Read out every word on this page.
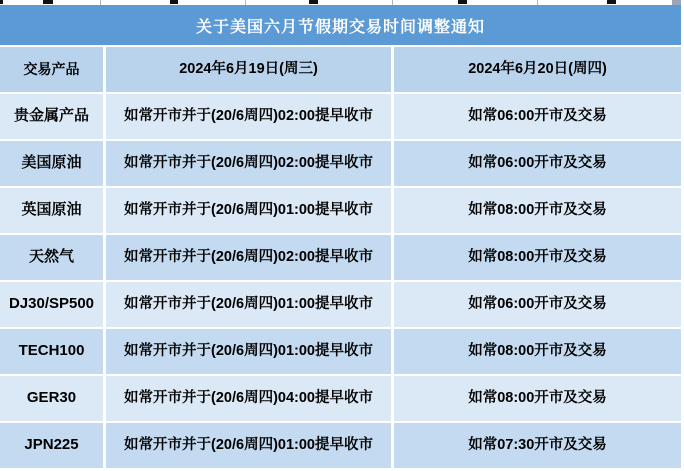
关于美国六月节假期交易时间调整通知
交易产品	2024年6月19日(周三)	2024年6月20日(周四)
贵金属产品	如常开市并于(20/6周四)02:00提早收市	如常06:00开市及交易
美国原油	如常开市并于(20/6周四)02:00提早收市	如常06:00开市及交易
英国原油	如常开市并于(20/6周四)01:00提早收市	如常08:00开市及交易
天然气	如常开市并于(20/6周四)02:00提早收市	如常08:00开市及交易
DJ30/SP500	如常开市并于(20/6周四)01:00提早收市	如常06:00开市及交易
TECH100	如常开市并于(20/6周四)01:00提早收市	如常08:00开市及交易
GER30	如常开市并于(20/6周四)04:00提早收市	如常08:00开市及交易
JPN225	如常开市并于(20/6周四)01:00提早收市	如常07:30开市及交易
